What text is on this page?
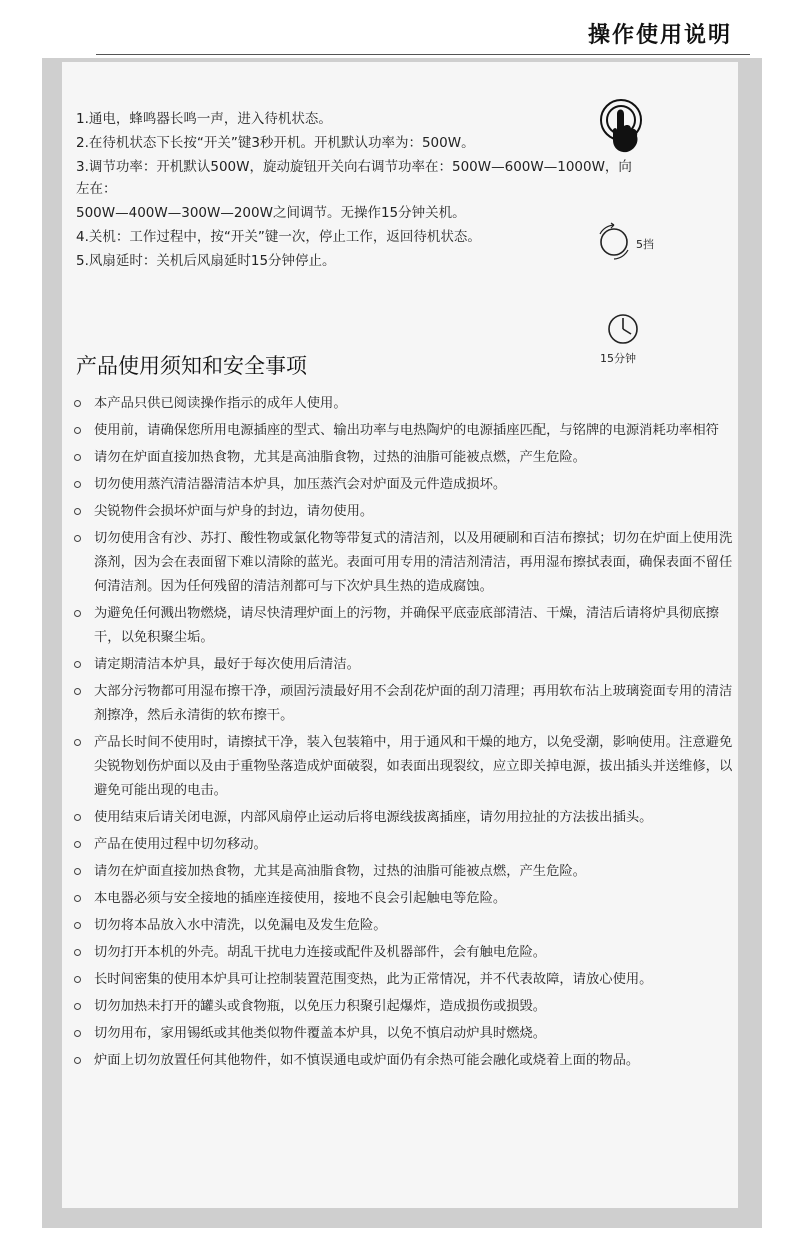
操作使用说明
1.通电，蜂鸣器长鸣一声，进入待机状态。
2.在待机状态下长按“开关”键3秒开机。开机默认功率为：500W。
3.调节功率：开机默认500W，旋动旋钮开关向右调节功率在：500W—600W—1000W，向左在：
500W—400W—300W—200W之间调节。无操作15分钟关机。
4.关机：工作过程中，按“开关”键一次，停止工作，返回待机状态。
5.风扇延时：关机后风扇延时15分钟停止。
5挡
15分钟
产品使用须知和安全事项
本产品只供已阅读操作指示的成年人使用。
使用前，请确保您所用电源插座的型式、输出功率与电热陶炉的电源插座匹配，与铭牌的电源消耗功率相符
请勿在炉面直接加热食物，尤其是高油脂食物，过热的油脂可能被点燃，产生危险。
切勿使用蒸汽清洁器清洁本炉具，加压蒸汽会对炉面及元件造成损坏。
尖锐物件会损坏炉面与炉身的封边，请勿使用。
切勿使用含有沙、苏打、酸性物或氯化物等带复式的清洁剂，以及用硬刷和百洁布擦拭；切勿在炉面上使用洗涤剂，因为会在表面留下难以清除的蓝光。表面可用专用的清洁剂清洁，再用湿布擦拭表面，确保表面不留任何清洁剂。因为任何残留的清洁剂都可与下次炉具生热的造成腐蚀。
为避免任何溅出物燃烧，请尽快清理炉面上的污物，并确保平底壶底部清洁、干燥，清洁后请将炉具彻底擦干，以免积聚尘垢。
请定期清洁本炉具，最好于每次使用后清洁。
大部分污物都可用湿布擦干净，顽固污渍最好用不会刮花炉面的刮刀清理；再用软布沾上玻璃瓷面专用的清洁剂擦净，然后永清街的软布擦干。
产品长时间不使用时，请擦拭干净，装入包装箱中，用于通风和干燥的地方，以免受潮，影响使用。注意避免尖锐物划伤炉面以及由于重物坠落造成炉面破裂，如表面出现裂纹，应立即关掉电源，拔出插头并送维修，以避免可能出现的电击。
使用结束后请关闭电源，内部风扇停止运动后将电源线拔离插座，请勿用拉扯的方法拔出插头。
产品在使用过程中切勿移动。
请勿在炉面直接加热食物，尤其是高油脂食物，过热的油脂可能被点燃，产生危险。
本电器必须与安全接地的插座连接使用，接地不良会引起触电等危险。
切勿将本品放入水中清洗，以免漏电及发生危险。
切勿打开本机的外壳。胡乱干扰电力连接或配件及机器部件，会有触电危险。
长时间密集的使用本炉具可让控制装置范围变热，此为正常情况，并不代表故障，请放心使用。
切勿加热未打开的罐头或食物瓶，以免压力积聚引起爆炸，造成损伤或损毁。
切勿用布，家用锡纸或其他类似物件覆盖本炉具，以免不慎启动炉具时燃烧。
炉面上切勿放置任何其他物件，如不慎误通电或炉面仍有余热可能会融化或烧着上面的物品。
